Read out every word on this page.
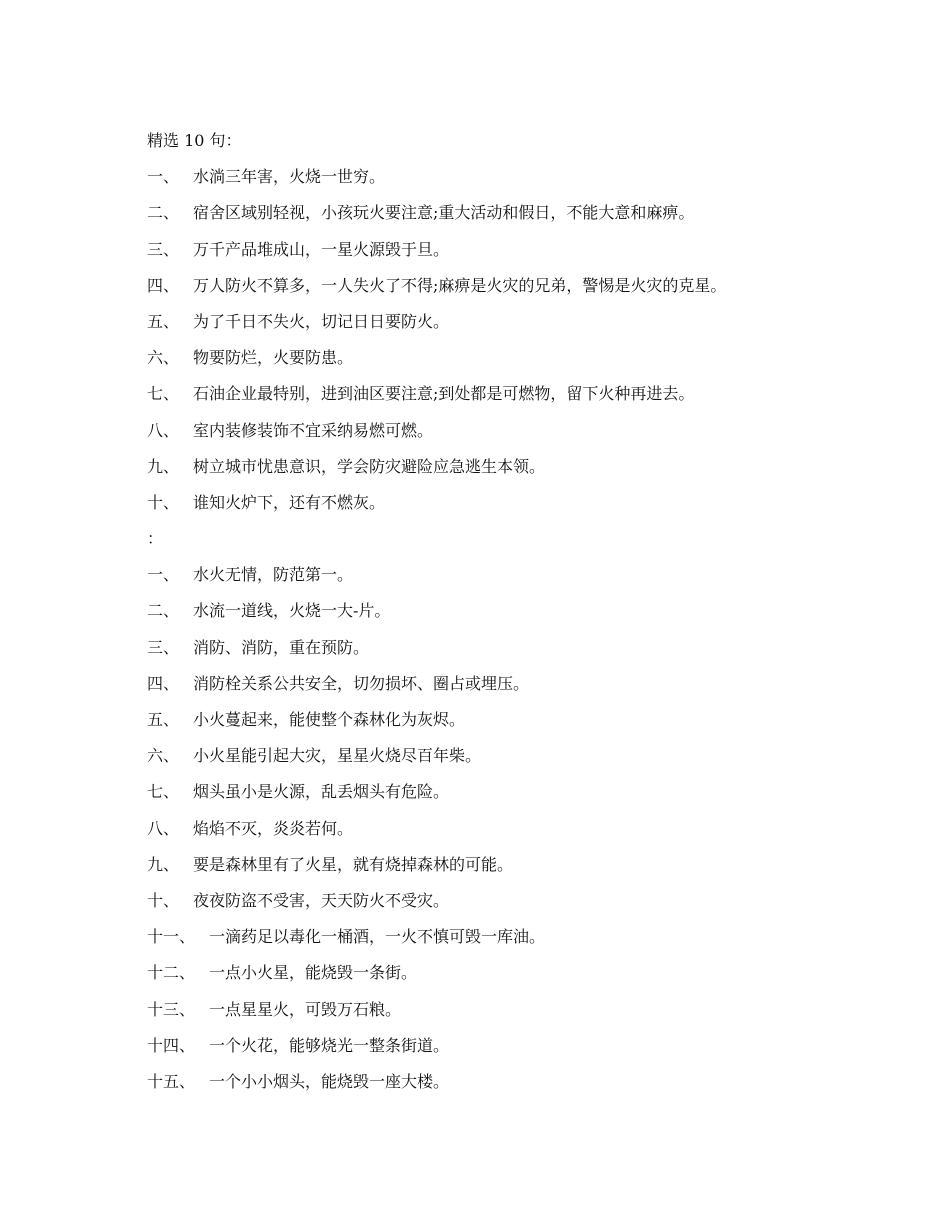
精选 10 句：
一、 水淌三年害，火烧一世穷。
二、 宿舍区域别轻视，小孩玩火要注意;重大活动和假日，不能大意和麻痹。
三、 万千产品堆成山，一星火源毁于旦。
四、 万人防火不算多，一人失火了不得;麻痹是火灾的兄弟，警惕是火灾的克星。
五、 为了千日不失火，切记日日要防火。
六、 物要防烂，火要防患。
七、 石油企业最特别，进到油区要注意;到处都是可燃物，留下火种再进去。
八、 室内装修装饰不宜采纳易燃可燃。
九、 树立城市忧患意识，学会防灾避险应急逃生本领。
十、 谁知火炉下，还有不燃灰。
：
一、 水火无情，防范第一。
二、 水流一道线，火烧一大-片。
三、 消防、消防，重在预防。
四、 消防栓关系公共安全，切勿损坏、圈占或埋压。
五、 小火蔓起来，能使整个森林化为灰烬。
六、 小火星能引起大灾，星星火烧尽百年柴。
七、 烟头虽小是火源，乱丢烟头有危险。
八、 焰焰不灭，炎炎若何。
九、 要是森林里有了火星，就有烧掉森林的可能。
十、 夜夜防盗不受害，天天防火不受灾。
十一、 一滴药足以毒化一桶酒，一火不慎可毁一库油。
十二、 一点小火星，能烧毁一条街。
十三、 一点星星火，可毁万石粮。
十四、 一个火花，能够烧光一整条街道。
十五、 一个小小烟头，能烧毁一座大楼。
